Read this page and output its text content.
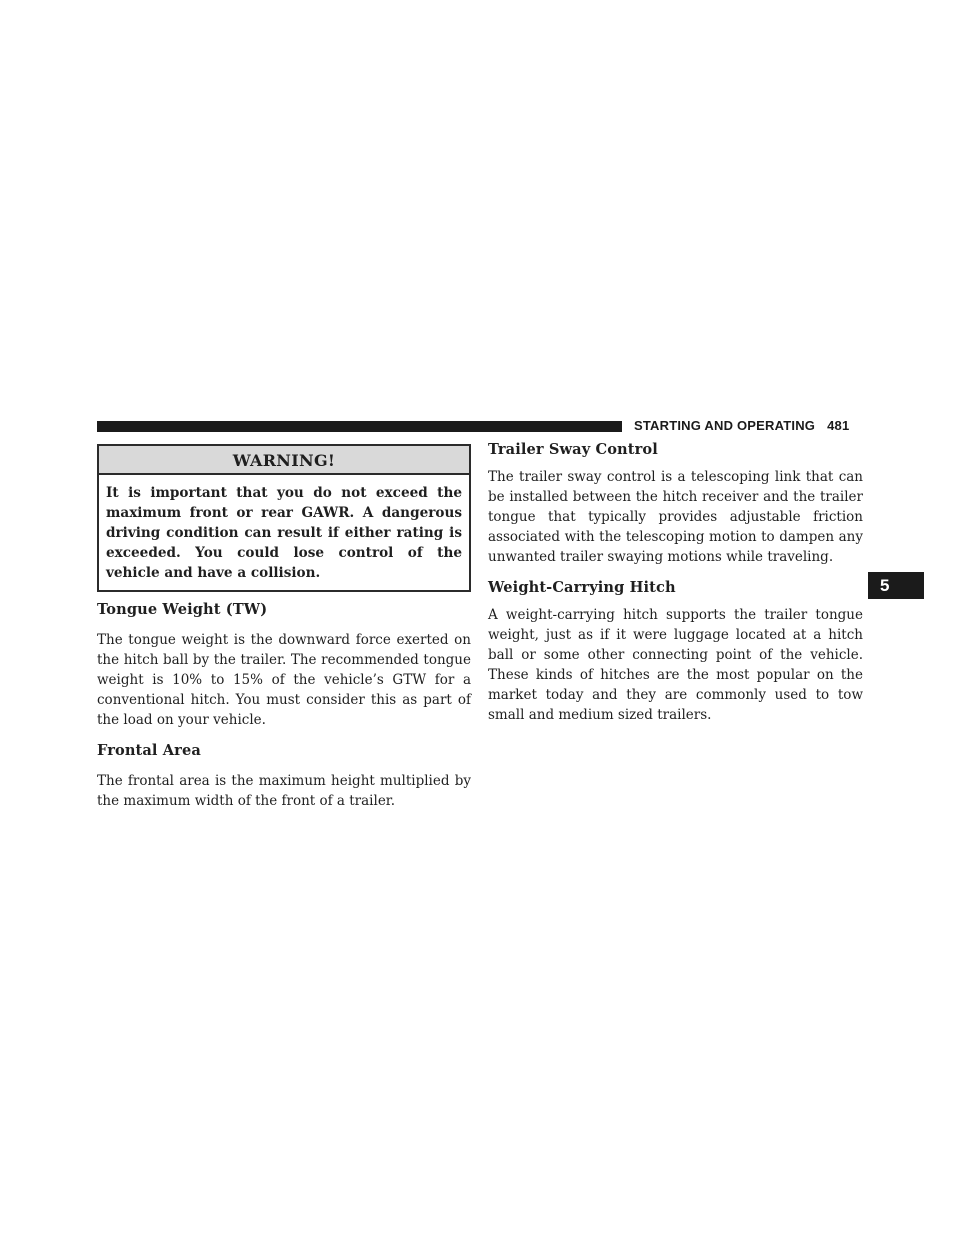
STARTING AND OPERATING 481
5
WARNING!
It is important that you do not exceed the maximum front or rear GAWR. A dangerous driving condition can result if either rating is exceeded. You could lose control of the vehicle and have a collision.
Tongue Weight (TW)

The tongue weight is the downward force exerted on the hitch ball by the trailer. The recommended tongue weight is 10% to 15% of the vehicle’s GTW for a conventional hitch. You must consider this as part of the load on your vehicle.

Frontal Area

The frontal area is the maximum height multiplied by the maximum width of the front of a trailer.

Trailer Sway Control

The trailer sway control is a telescoping link that can be installed between the hitch receiver and the trailer tongue that typically provides adjustable friction associated with the telescoping motion to dampen any unwanted trailer swaying motions while traveling.

Weight-Carrying Hitch

A weight-carrying hitch supports the trailer tongue weight, just as if it were luggage located at a hitch ball or some other connecting point of the vehicle. These kinds of hitches are the most popular on the market today and they are commonly used to tow small and medium sized trailers.
